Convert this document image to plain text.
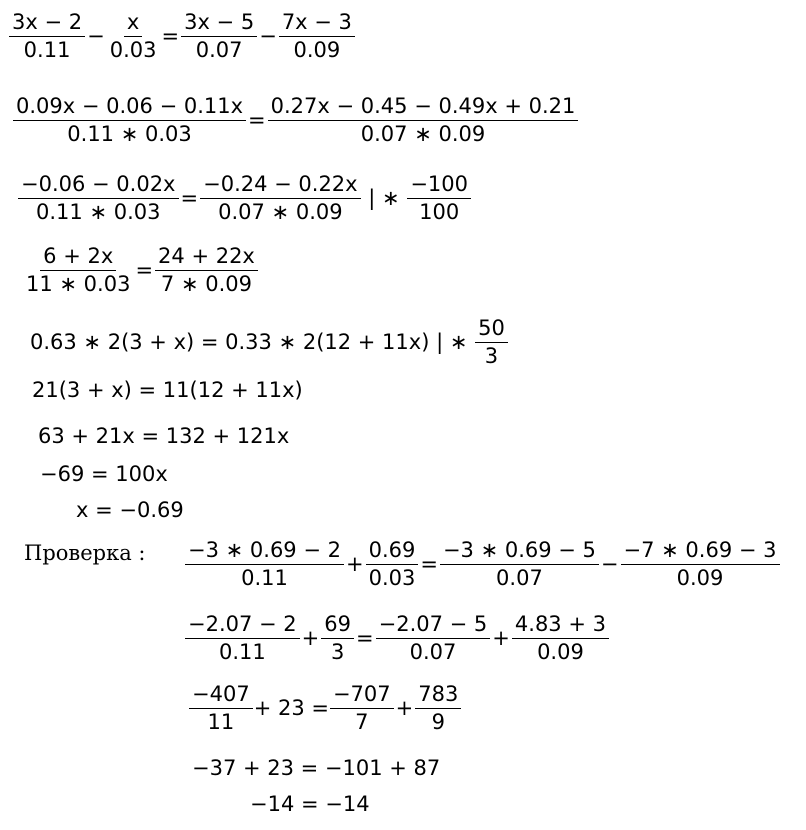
$\frac{3x - 2}{0.11} - \frac{x}{0.03} = \frac{3x - 5}{0.07} - \frac{7x - 3}{0.09}$
$\frac{0.09x - 0.06 - 0.11x}{0.11 ∗ 0.03} = \frac{0.27x - 0.45 - 0.49x + 0.21}{0.07 ∗ 0.09}$
$\frac{-0.06 - 0.02x}{0.11 ∗ 0.03} = \frac{-0.24 - 0.22x}{0.07 ∗ 0.09}$ | ∗ $\frac{-100}{100}$
$\frac{6 + 2x}{11 ∗ 0.03} = \frac{24 + 22x}{7 ∗ 0.09}$
0.63 ∗ 2(3 + x) = 0.33 ∗ 2(12 + 11x) | ∗ $\frac{50}{3}$
21(3 + x) = 11(12 + 11x)
63 + 21x = 132 + 121x
−69 = 100x
x = −0.69
Проверка : $\frac{-3 ∗ 0.69 - 2}{0.11} + \frac{0.69}{0.03} = \frac{-3 ∗ 0.69 - 5}{0.07} - \frac{-7 ∗ 0.69 - 3}{0.09}$
$\frac{-2.07 - 2}{0.11} + \frac{69}{3} = \frac{-2.07 - 5}{0.07} + \frac{4.83 + 3}{0.09}$
$\frac{-407}{11} + 23 = \frac{-707}{7} + \frac{783}{9}$
−37 + 23 = −101 + 87
−14 = −14
